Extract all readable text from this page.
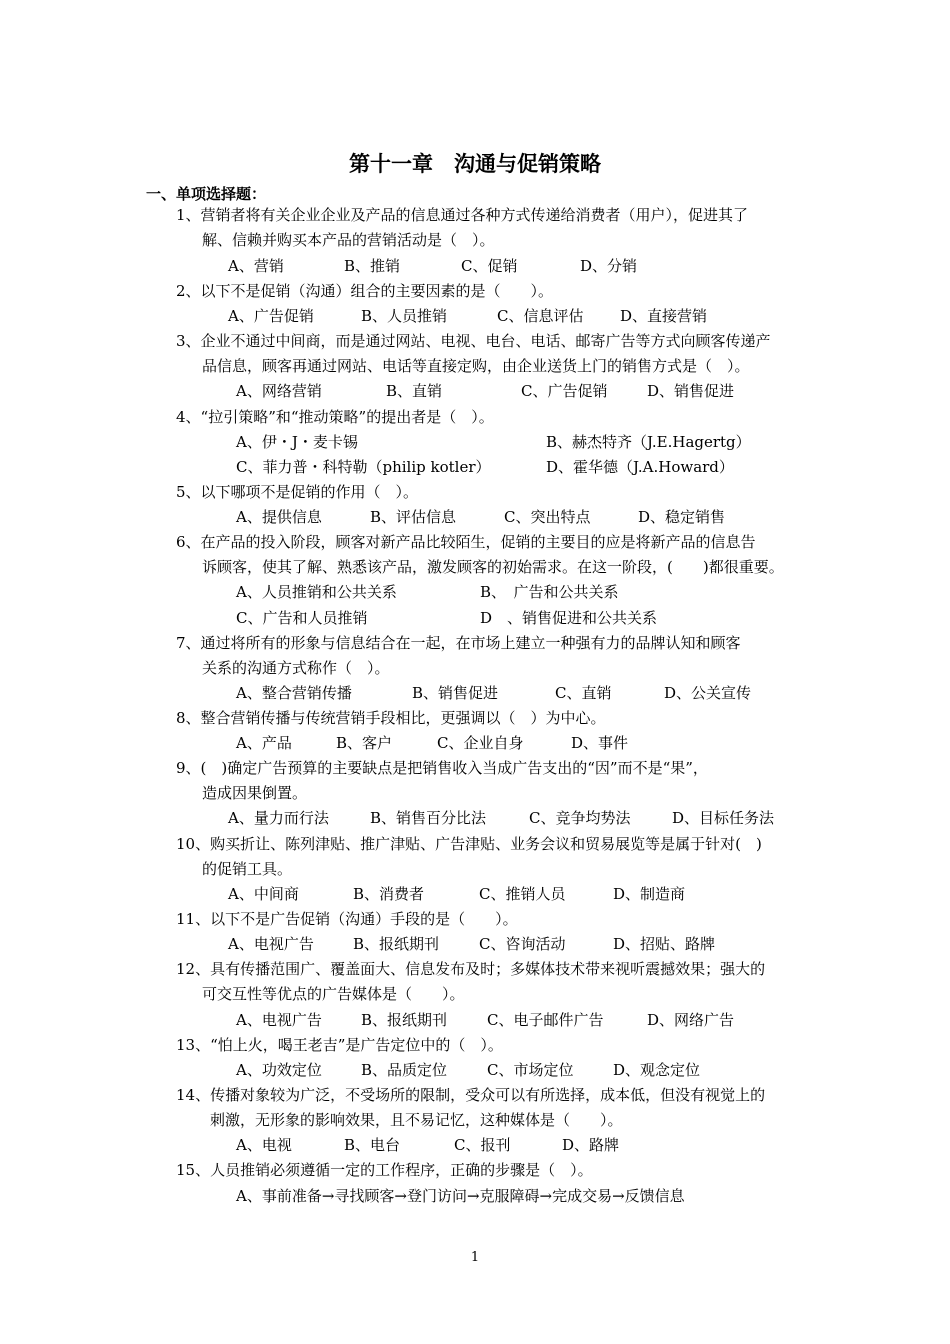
第十一章　沟通与促销策略
一、单项选择题：
1、营销者将有关企业企业及产品的信息通过各种方式传递给消费者（用户），促进其了
解、信赖并购买本产品的营销活动是（　）。
A、营销	B、推销	C、促销	D、分销
2、以下不是促销（沟通）组合的主要因素的是（　　）。
A、广告促销	B、人员推销	C、信息评估 D、直接营销
3、企业不通过中间商，而是通过网站、电视、电台、电话、邮寄广告等方式向顾客传递产
品信息，顾客再通过网站、电话等直接定购，由企业送货上门的销售方式是（　）。
A、网络营销	B、直销	C、广告促销	D、销售促进
4、“拉引策略”和“推动策略”的提出者是（　）。
A、伊・J・麦卡锡	B、赫杰特齐（J.E.Hagertg）
C、菲力普・科特勒（philip kotler）	D、霍华德（J.A.Howard）
5、以下哪项不是促销的作用（　）。
A、提供信息	B、评估信息	C、突出特点	D、稳定销售
6、在产品的投入阶段，顾客对新产品比较陌生，促销的主要目的应是将新产品的信息告
诉顾客，使其了解、熟悉该产品，激发顾客的初始需求。在这一阶段，(　　)都很重要。
A、人员推销和公共关系	B、　广告和公共关系
C、广告和人员推销	D　、销售促进和公共关系
7、通过将所有的形象与信息结合在一起，在市场上建立一种强有力的品牌认知和顾客
关系的沟通方式称作（　）。
A、整合营销传播	B、销售促进	C、直销	D、公关宣传
8、整合营销传播与传统营销手段相比，更强调以（　）为中心。
A、产品	B、客户	C、企业自身	D、事件
9、(　)确定广告预算的主要缺点是把销售收入当成广告支出的“因”而不是“果”，
造成因果倒置。
A、量力而行法	B、销售百分比法	C、竞争均势法	D、目标任务法
10、购买折让、陈列津贴、推广津贴、广告津贴、业务会议和贸易展览等是属于针对(　)
的促销工具。
A、中间商	B、消费者	C、推销人员	D、制造商
11、以下不是广告促销（沟通）手段的是（　　）。
A、电视广告	B、报纸期刊	C、咨询活动	D、招贴、路牌
12、具有传播范围广、覆盖面大、信息发布及时；多媒体技术带来视听震撼效果；强大的
可交互性等优点的广告媒体是（　　）。
A、电视广告	B、报纸期刊	C、电子邮件广告	D、网络广告
13、“怕上火，喝王老吉”是广告定位中的（　）。
A、功效定位	B、品质定位	C、市场定位	D、观念定位
14、传播对象较为广泛，不受场所的限制，受众可以有所选择，成本低，但没有视觉上的
刺激，无形象的影响效果，且不易记忆，这种媒体是（　　）。
A、电视	B、电台	C、报刊	D、路牌
15、人员推销必须遵循一定的工作程序，正确的步骤是（　）。
A、事前准备→寻找顾客→登门访问→克服障碍→完成交易→反馈信息
1
